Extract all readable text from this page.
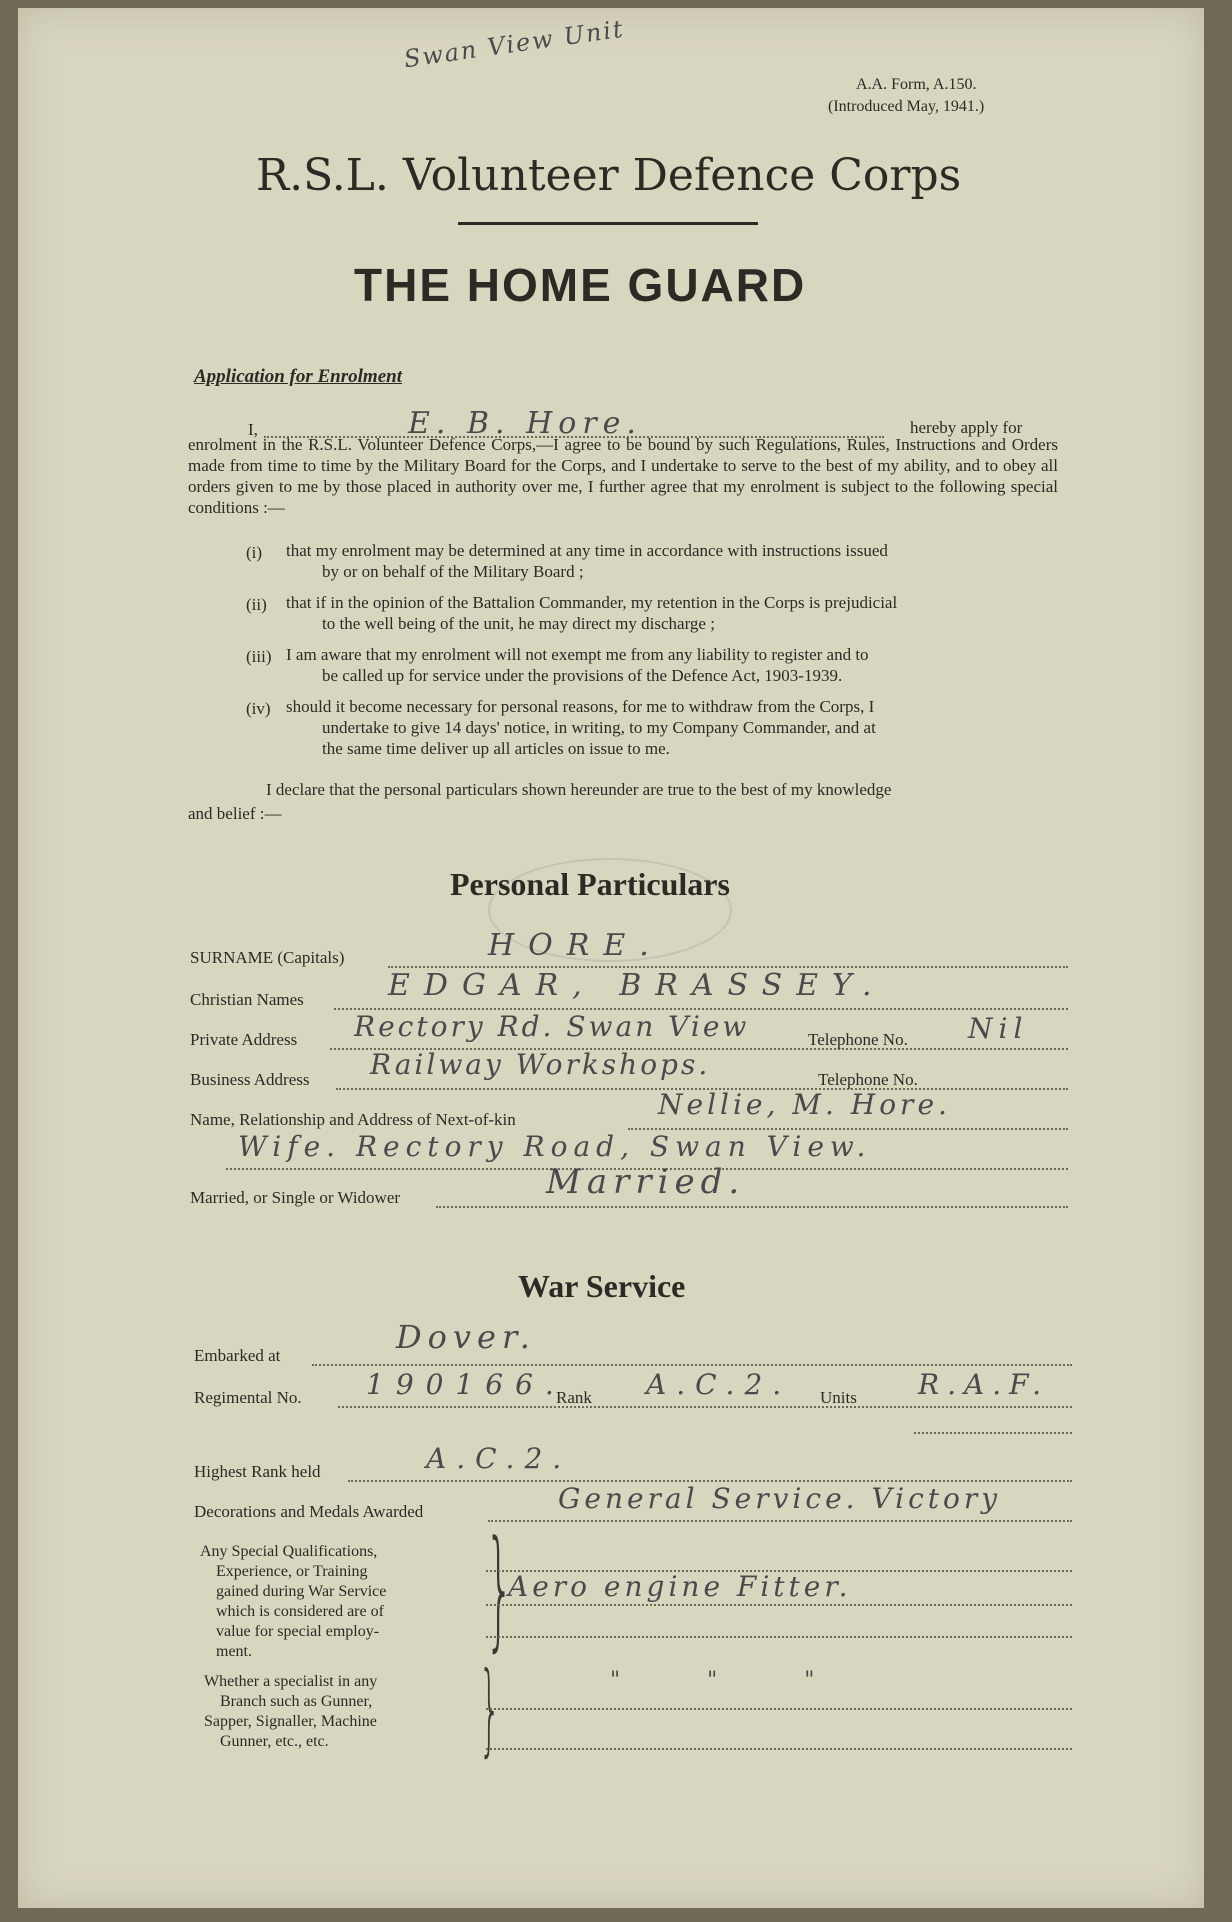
Swan View Unit
A.A. Form, A.150.
(Introduced May, 1941.)
R.S.L. Volunteer Defence Corps
THE HOME GUARD
Application for Enrolment
I,	E. B. Hore.	hereby apply for
enrolment in the R.S.L. Volunteer Defence Corps,—I agree to be bound by such Regulations, Rules, Instructions and Orders made from time to time by the Military Board for the Corps, and I undertake to serve to the best of my ability, and to obey all orders given to me by those placed in authority over me, I further agree that my enrolment is subject to the following special conditions :—
(i) that my enrolment may be determined at any time in accordance with instructions issued
by or on behalf of the Military Board ;
(ii) that if in the opinion of the Battalion Commander, my retention in the Corps is prejudicial
to the well being of the unit, he may direct my discharge ;
(iii) I am aware that my enrolment will not exempt me from any liability to register and to
be called up for service under the provisions of the Defence Act, 1903-1939.
(iv) should it become necessary for personal reasons, for me to withdraw from the Corps, I
undertake to give 14 days' notice, in writing, to my Company Commander, and at
the same time deliver up all articles on issue to me.
I declare that the personal particulars shown hereunder are true to the best of my knowledge
and belief :—
Personal Particulars
SURNAME (Capitals)	HORE.
Christian Names	EDGAR, BRASSEY.
Private Address Rectory Rd. Swan View	Telephone No. Nil
Business Address Railway Workshops.	Telephone No.
Name, Relationship and Address of Next-of-kin	Nellie, M. Hore.
Wife. Rectory Road, Swan View.
Married, or Single or Widower	Married.
War Service
Embarked at	Dover.
Regimental No. 190166.
Rank A.C.2. Units R.A.F.
Highest Rank held	A.C.2.
Decorations and Medals Awarded	General Service. Victory
Any Special Qualifications,
Experience, or Training
gained during War Service
which is considered are of
value for special employ-
ment.	}
Aero engine Fitter.
Whether a specialist in any
Branch such as Gunner,
Sapper, Signaller, Machine
Gunner, etc., etc.	}	" " "
